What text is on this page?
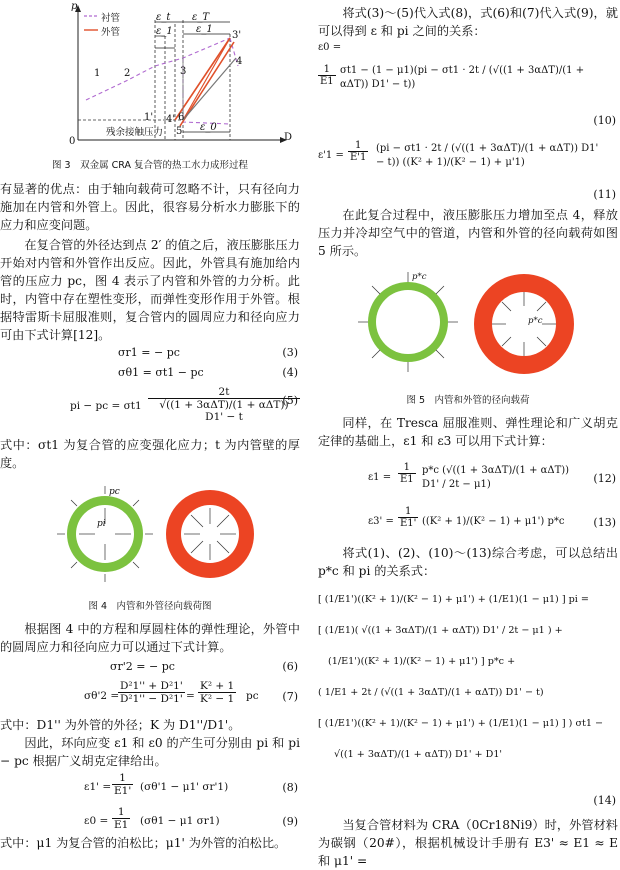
p
D
0
衬管
外管
残余接触压力
1 2	3
4
3'
4'
5
6
1'
ε_t
ε_1
ε_T
ε_1
ε_0

图 3　双金属 CRA 复合管的热工水力成形过程

有显著的优点：由于轴向载荷可忽略不计，只有径向力施加在内管和外管上。因此，很容易分析水力膨胀下的应力和应变问题。

在复合管的外径达到点 2′ 的值之后，液压膨胀压力开始对内管和外管作出反应。因此，外管具有施加给内管的压应力 pc，图 4 表示了内管和外管的力分析。此时，内管中存在塑性变形，而弹性变形作用于外管。根据特雷斯卡屈服准则，复合管内的圆周应力和径向应力可由下式计算[12]。

σr1 = − pc	(3)
σθ1 = σt1 − pc	(4)
pi − pc = σt1
2t
√((1 + 3αΔT)/(1 + αΔT)) D1' − t
(5)

式中：σt1 为复合管的应变强化应力；t 为内管壁的厚度。

pc
pi

图 4　内管和外管径向载荷图

根据图 4 中的方程和厚圆柱体的弹性理论，外管中的圆周应力和径向应力可以通过下式计算。

σr'2 = − pc	(6)
σθ'2 =
$\frac{\text{D²1'' + D²1'}}{\text{D²1'' − D²1'}} = \frac{\text{K² + 1}}{\text{K² − 1}}$ pc (7)

式中：D1'' 为外管的外径；K 为 D1''/D1'。

因此，环向应变 ε1 和 ε0 的产生可分别由 pi 和 pi − pc 根据广义胡克定律给出。

$\varepsilon 1' = \frac{1}{E1'} (\sigma\theta'1 - \mu 1'$ σr'1)	(8)
$\varepsilon 0 = \frac{1}{E1} (\sigma\theta 1 - \mu 1$ σr1)	(9)

式中：μ1 为复合管的泊松比；μ1' 为外管的泊松比。

将式(3)～(5)代入式(8)，式(6)和(7)代入式(9)，就可以得到 ε 和 pi 之间的关系：

ε0 =
$\frac{1}{E1} \sigma t1 - (1 - \mu 1)(pi - \sigma t1 \cdot 2t / (√((1 + 3\alpha\Delta T)/(1 + \alpha\Delta T)) D1' - t))$
(10)
$\varepsilon'1 = \frac{1}{E'1} (pi - \sigma t1 \cdot 2t / (√((1 + 3\alpha\Delta T)/(1 + \alpha\Delta T)) D1' - t)) ((K^2 + 1)/(K^2 - 1) + \mu'1)$
(11)

在此复合过程中，液压膨胀压力增加至点 4，释放压力并冷却空气中的管道，内管和外管的径向载荷如图 5 所示。

p*c
p*c

图 5　内管和外管的径向载荷

同样，在 Tresca 屈服准则、弹性理论和广义胡克定律的基础上，ε1 和 ε3 可以用下式计算：

$\varepsilon 1 = \frac{1}{E1} p*c$ (√((1 + 3αΔT)/(1 + αΔT)) D1' / 2t − μ1)	(12)
$\varepsilon 3' = \frac{1}{E1'} ((K^2 + 1)/(K^2 - 1) + \mu 1')$ p*c	(13)

将式(1)、(2)、(10)～(13)综合考虑，可以总结出 p*c 和 pi 的关系式：

[ (1/E1')((K² + 1)/(K² − 1) + μ1') + (1/E1)(1 − μ1) ] pi =
[ (1/E1)( √((1 + 3αΔT)/(1 + αΔT)) D1' / 2t − μ1 ) +
(1/E1')((K² + 1)/(K² − 1) + μ1') ] p*c +
( 1/E1 + 2t / (√((1 + 3αΔT)/(1 + αΔT)) D1' − t)
[ (1/E1')((K² + 1)/(K² − 1) + μ1') + (1/E1)(1 − μ1) ] ) σt1 −
√((1 + 3αΔT)/(1 + αΔT)) D1' + D1'
(14)

当复合管材料为 CRA（0Cr18Ni9）时，外管材料为碳钢（20#），根据机械设计手册有 E3' ≈ E1 ≈ E 和 μ1' =
